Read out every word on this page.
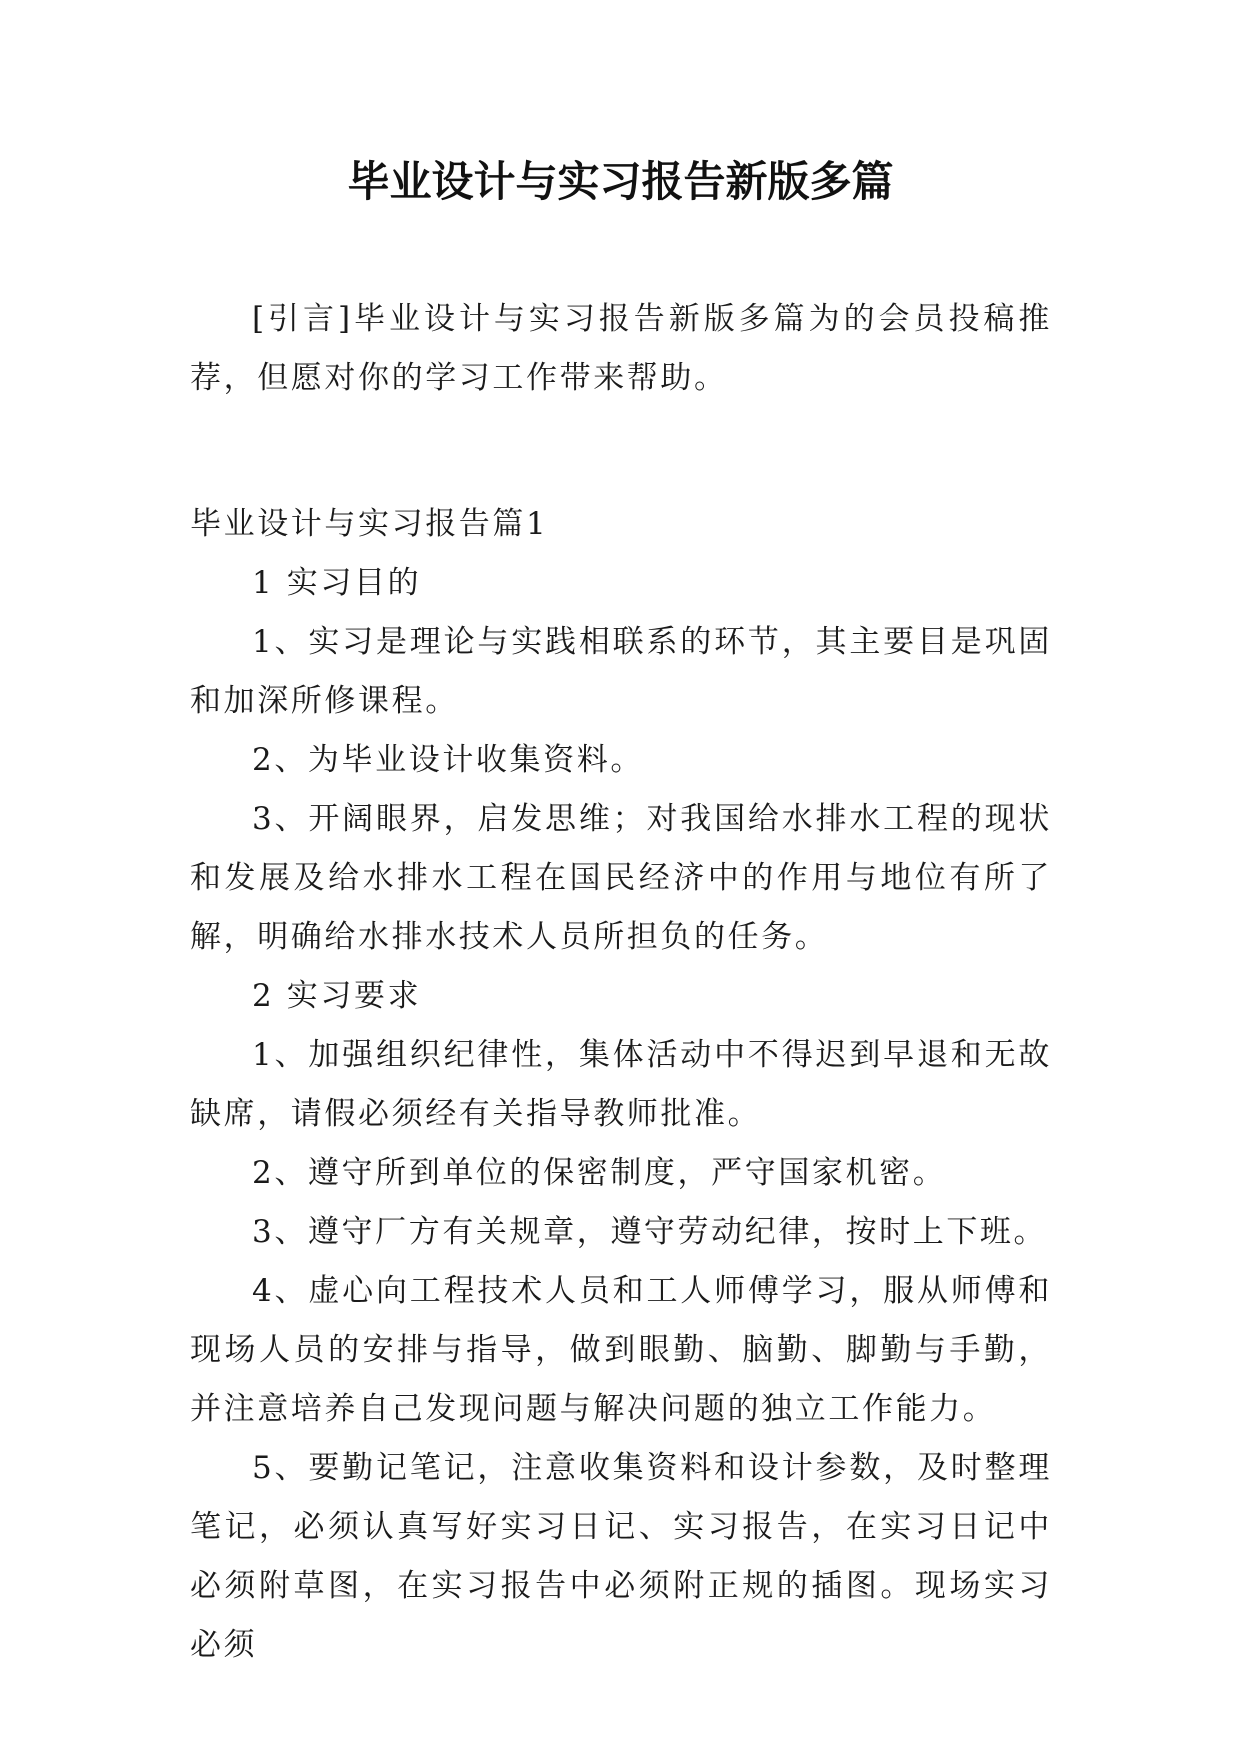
毕业设计与实习报告新版多篇

[引言]毕业设计与实习报告新版多篇为的会员投稿推荐，但愿对你的学习工作带来帮助。

毕业设计与实习报告篇1

1 实习目的

1、实习是理论与实践相联系的环节，其主要目是巩固和加深所修课程。

2、为毕业设计收集资料。

3、开阔眼界，启发思维；对我国给水排水工程的现状和发展及给水排水工程在国民经济中的作用与地位有所了解，明确给水排水技术人员所担负的任务。

2 实习要求

1、加强组织纪律性，集体活动中不得迟到早退和无故缺席，请假必须经有关指导教师批准。

2、遵守所到单位的保密制度，严守国家机密。

3、遵守厂方有关规章，遵守劳动纪律，按时上下班。

4、虚心向工程技术人员和工人师傅学习，服从师傅和现场人员的安排与指导，做到眼勤、脑勤、脚勤与手勤，并注意培养自己发现问题与解决问题的独立工作能力。

5、要勤记笔记，注意收集资料和设计参数，及时整理笔记，必须认真写好实习日记、实习报告，在实习日记中必须附草图，在实习报告中必须附正规的插图。现场实习必须
